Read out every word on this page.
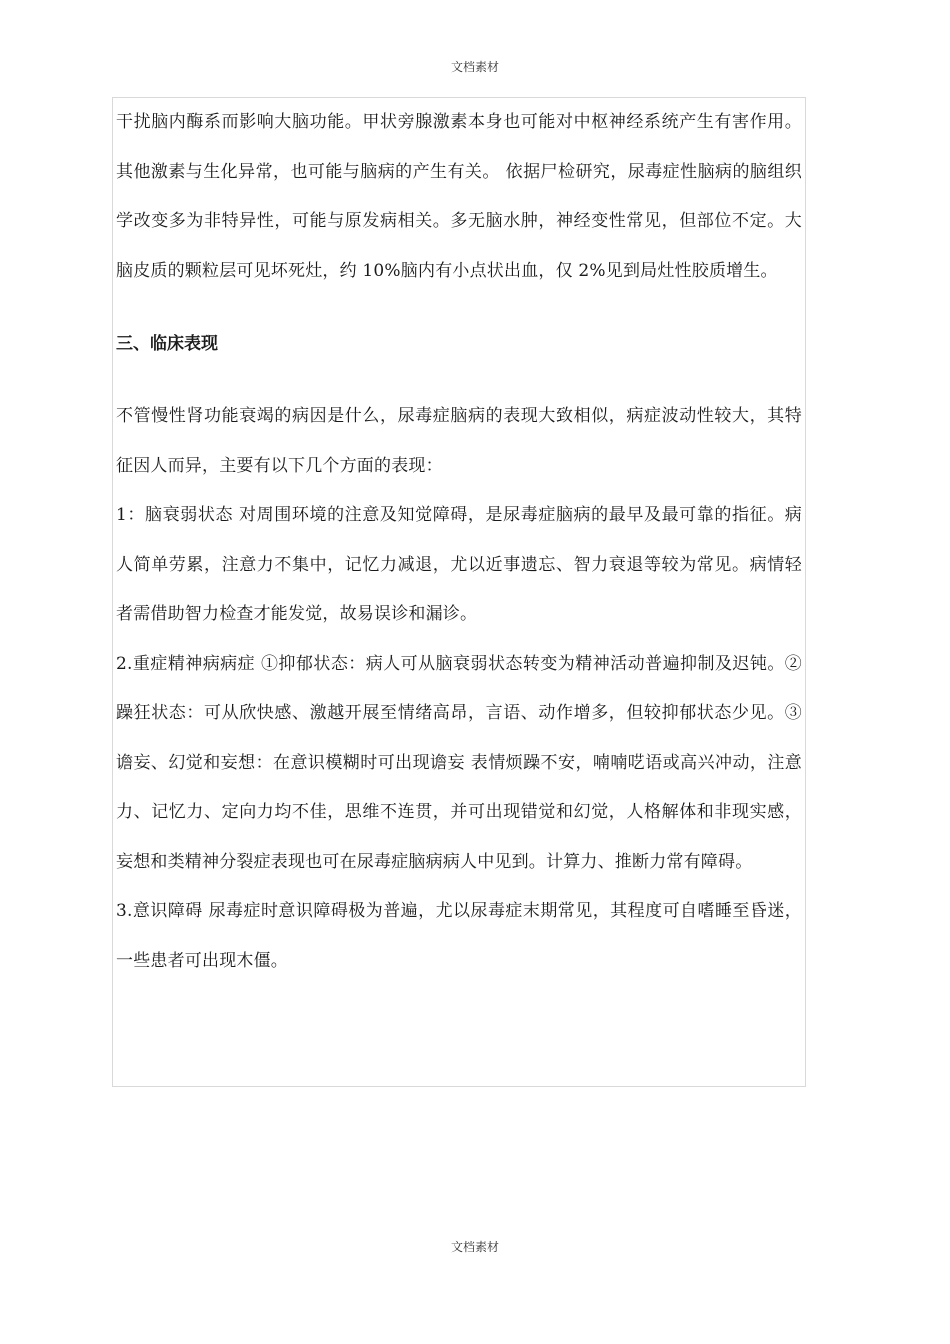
文档素材

干扰脑内酶系而影响大脑功能。甲状旁腺激素本身也可能对中枢神经系统产生有害作用。其他激素与生化异常，也可能与脑病的产生有关。 依据尸检研究，尿毒症性脑病的脑组织学改变多为非特异性，可能与原发病相关。多无脑水肿，神经变性常见，但部位不定。大脑皮质的颗粒层可见坏死灶，约 10%脑内有小点状出血，仅 2%见到局灶性胶质增生。

三、临床表现

不管慢性肾功能衰竭的病因是什么，尿毒症脑病的表现大致相似，病症波动性较大，其特征因人而异，主要有以下几个方面的表现：

1：脑衰弱状态 对周围环境的注意及知觉障碍，是尿毒症脑病的最早及最可靠的指征。病人简单劳累，注意力不集中，记忆力减退，尤以近事遗忘、智力衰退等较为常见。病情轻者需借助智力检查才能发觉，故易误诊和漏诊。

2.重症精神病病症 ①抑郁状态：病人可从脑衰弱状态转变为精神活动普遍抑制及迟钝。②躁狂状态：可从欣快感、激越开展至情绪高昂，言语、动作增多，但较抑郁状态少见。③谵妄、幻觉和妄想：在意识模糊时可出现谵妄 表情烦躁不安，喃喃呓语或高兴冲动，注意力、记忆力、定向力均不佳，思维不连贯，并可出现错觉和幻觉，人格解体和非现实感，妄想和类精神分裂症表现也可在尿毒症脑病病人中见到。计算力、推断力常有障碍。

3.意识障碍 尿毒症时意识障碍极为普遍，尤以尿毒症末期常见，其程度可自嗜睡至昏迷，一些患者可出现木僵。

文档素材
